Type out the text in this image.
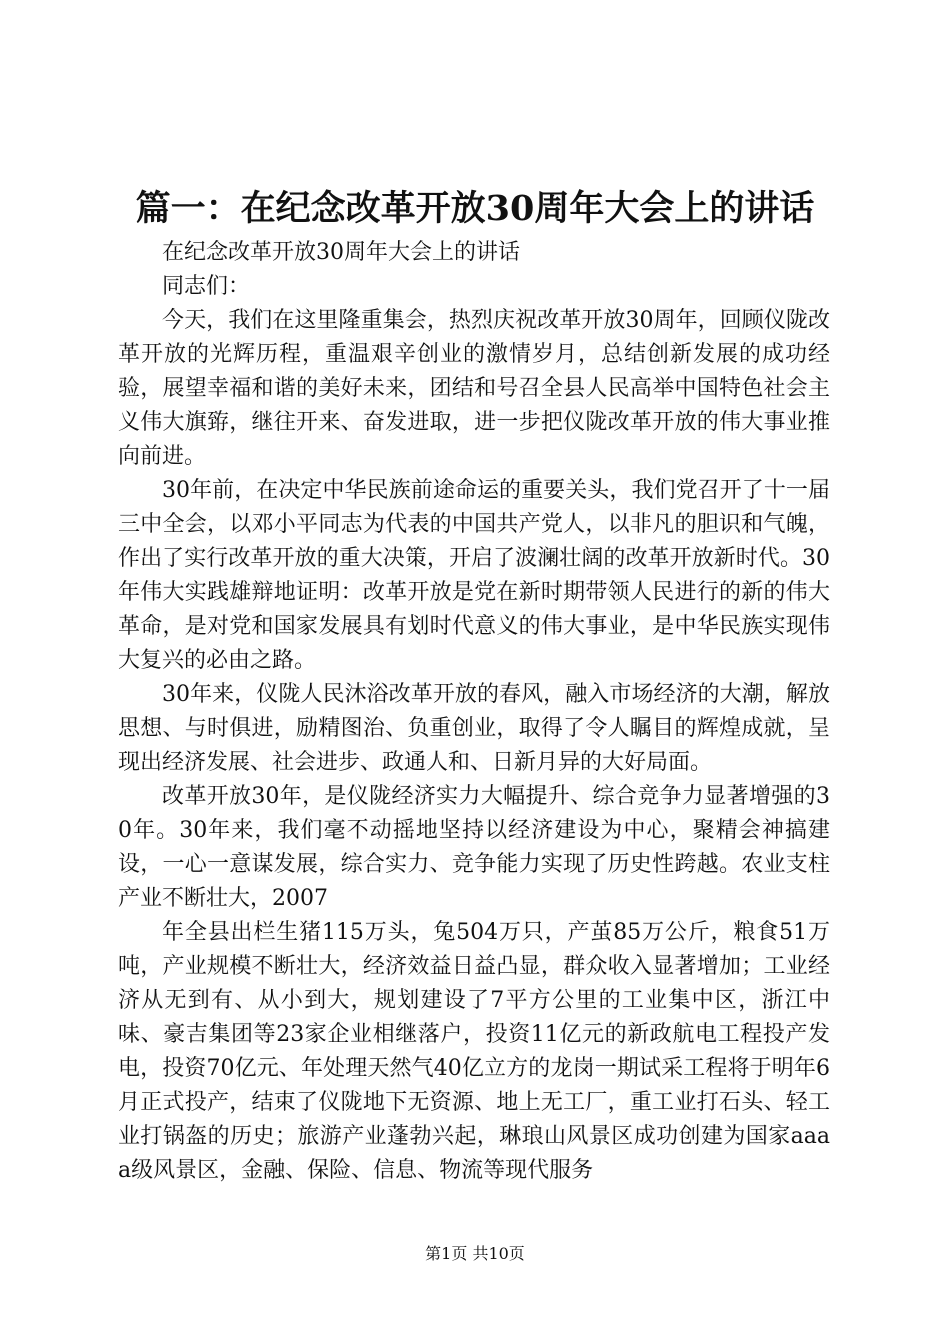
篇一：在纪念改革开放30周年大会上的讲话

在纪念改革开放30周年大会上的讲话

同志们：

今天，我们在这里隆重集会，热烈庆祝改革开放30周年，回顾仪陇改革开放的光辉历程，重温艰辛创业的激情岁月，总结创新发展的成功经验，展望幸福和谐的美好未来，团结和号召全县人民高举中国特色社会主义伟大旗臶，继往开来、奋发进取，进一步把仪陇改革开放的伟大事业推向前进。

30年前，在决定中华民族前途命运的重要关头，我们党召开了十一届三中全会，以邓小平同志为代表的中国共产党人，以非凡的胆识和气魄，作出了实行改革开放的重大决策，开启了波澜壮阔的改革开放新时代。30年伟大实践雄辩地证明：改革开放是党在新时期带领人民进行的新的伟大革命，是对党和国家发展具有划时代意义的伟大事业，是中华民族实现伟大复兴的必由之路。

30年来，仪陇人民沐浴改革开放的春风，融入市场经济的大潮，解放思想、与时俱进，励精图治、负重创业，取得了令人瞩目的辉煌成就，呈现出经济发展、社会进步、政通人和、日新月异的大好局面。

改革开放30年，是仪陇经济实力大幅提升、综合竞争力显著增强的30年。30年来，我们毫不动摇地坚持以经济建设为中心，聚精会神搞建设，一心一意谋发展，综合实力、竞争能力实现了历史性跨越。农业支柱产业不断壮大，2007

年全县出栏生猪115万头，兔504万只，产茧85万公斤，粮食51万吨，产业规模不断壮大，经济效益日益凸显，群众收入显著增加；工业经济从无到有、从小到大，规划建设了7平方公里的工业集中区，浙江中味、豪吉集团等23家企业相继落户，投资11亿元的新政航电工程投产发电，投资70亿元、年处理天然气40亿立方的龙岗一期试采工程将于明年6月正式投产，结束了仪陇地下无资源、地上无工厂，重工业打石头、轻工业打锅盔的历史；旅游产业蓬勃兴起，琳琅山风景区成功创建为国家aaaa级风景区，金融、保险、信息、物流等现代服务

第1页 共10页
